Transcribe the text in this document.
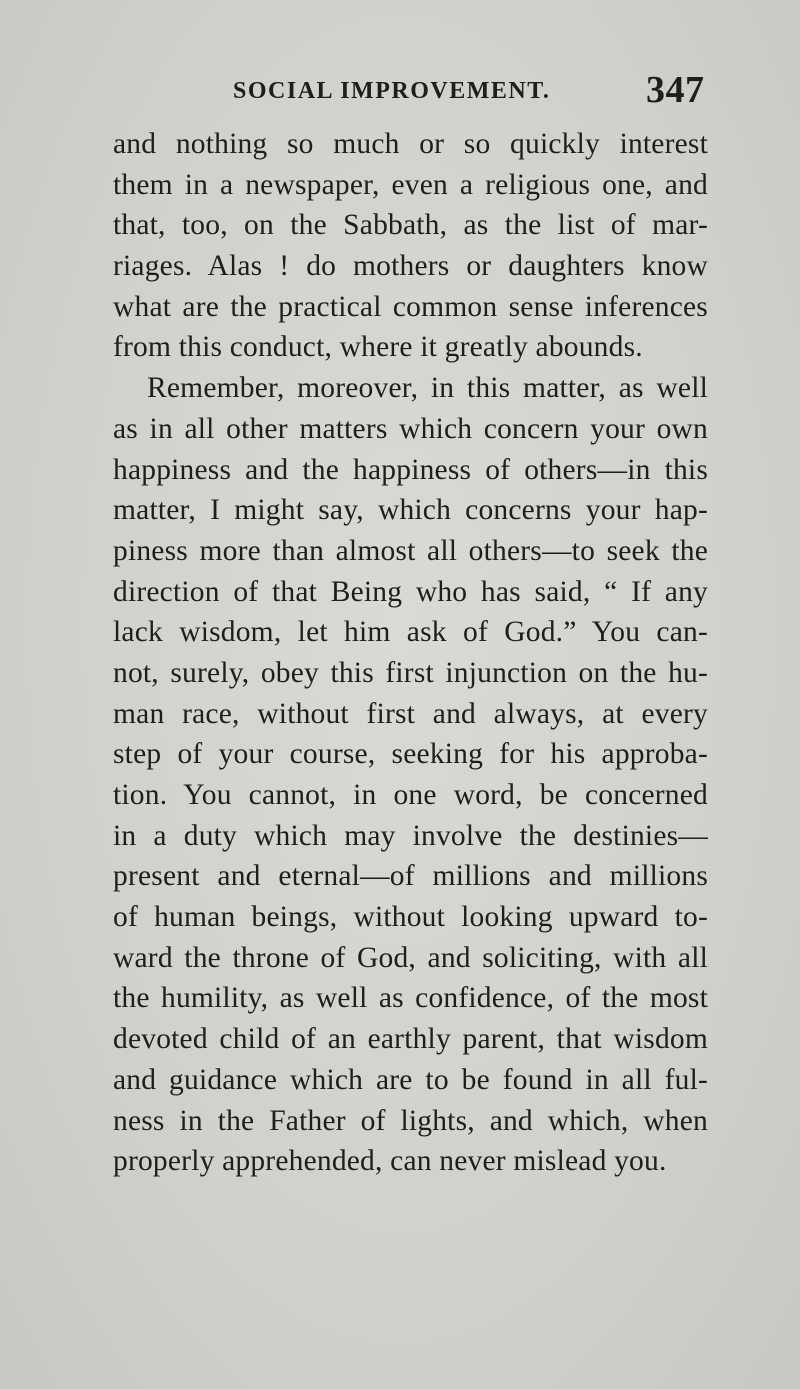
SOCIAL IMPROVEMENT.	347
and nothing so much or so quickly interest
them in a newspaper, even a religious one, and
that, too, on the Sabbath, as the list of mar-
riages. Alas ! do mothers or daughters know
what are the practical common sense inferences
from this conduct, where it greatly abounds.
Remember, moreover, in this matter, as well
as in all other matters which concern your own
happiness and the happiness of others—in this
matter, I might say, which concerns your hap-
piness more than almost all others—to seek the
direction of that Being who has said, “ If any
lack wisdom, let him ask of God.” You can-
not, surely, obey this first injunction on the hu-
man race, without first and always, at every
step of your course, seeking for his approba-
tion. You cannot, in one word, be concerned
in a duty which may involve the destinies—
present and eternal—of millions and millions
of human beings, without looking upward to-
ward the throne of God, and soliciting, with all
the humility, as well as confidence, of the most
devoted child of an earthly parent, that wisdom
and guidance which are to be found in all ful-
ness in the Father of lights, and which, when
properly apprehended, can never mislead you.
